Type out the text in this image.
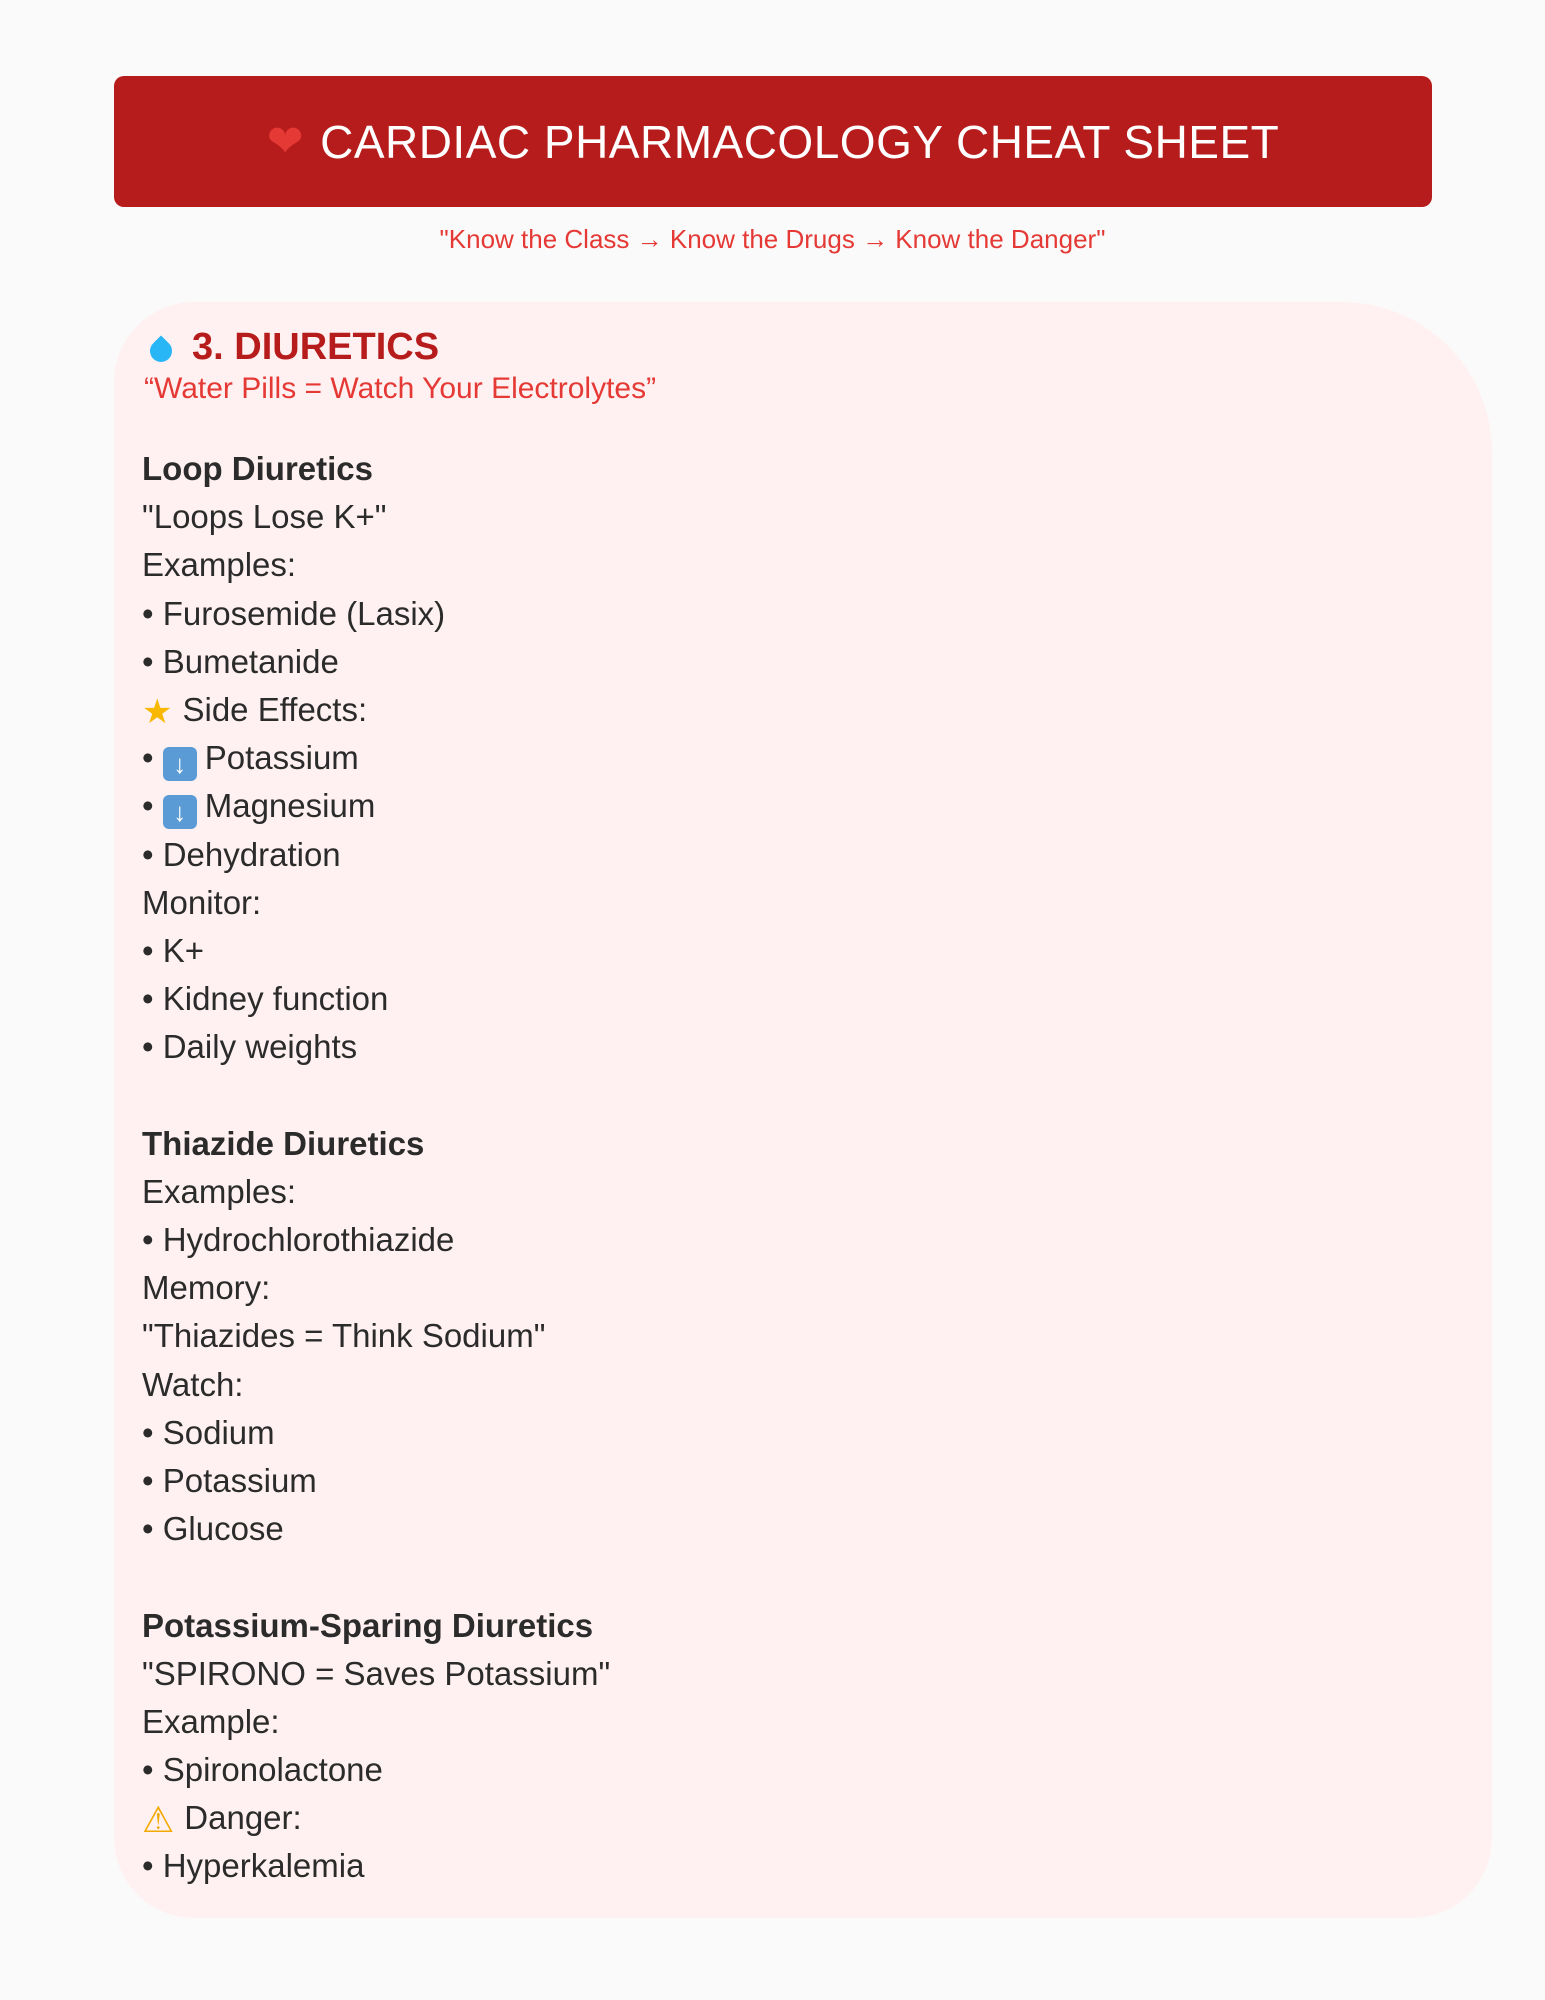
❤ CARDIAC PHARMACOLOGY CHEAT SHEET
"Know the Class → Know the Drugs → Know the Danger"
3. DIURETICS
“Water Pills = Watch Your Electrolytes”
Loop Diuretics
"Loops Lose K+"
Examples:
• Furosemide (Lasix)
• Bumetanide
★ Side Effects:
• ↓ Potassium
• ↓ Magnesium
• Dehydration
Monitor:
• K+
• Kidney function
• Daily weights
Thiazide Diuretics
Examples:
• Hydrochlorothiazide
Memory:
"Thiazides = Think Sodium"
Watch:
• Sodium
• Potassium
• Glucose
Potassium-Sparing Diuretics
"SPIRONO = Saves Potassium"
Example:
• Spironolactone
⚠ Danger:
• Hyperkalemia
